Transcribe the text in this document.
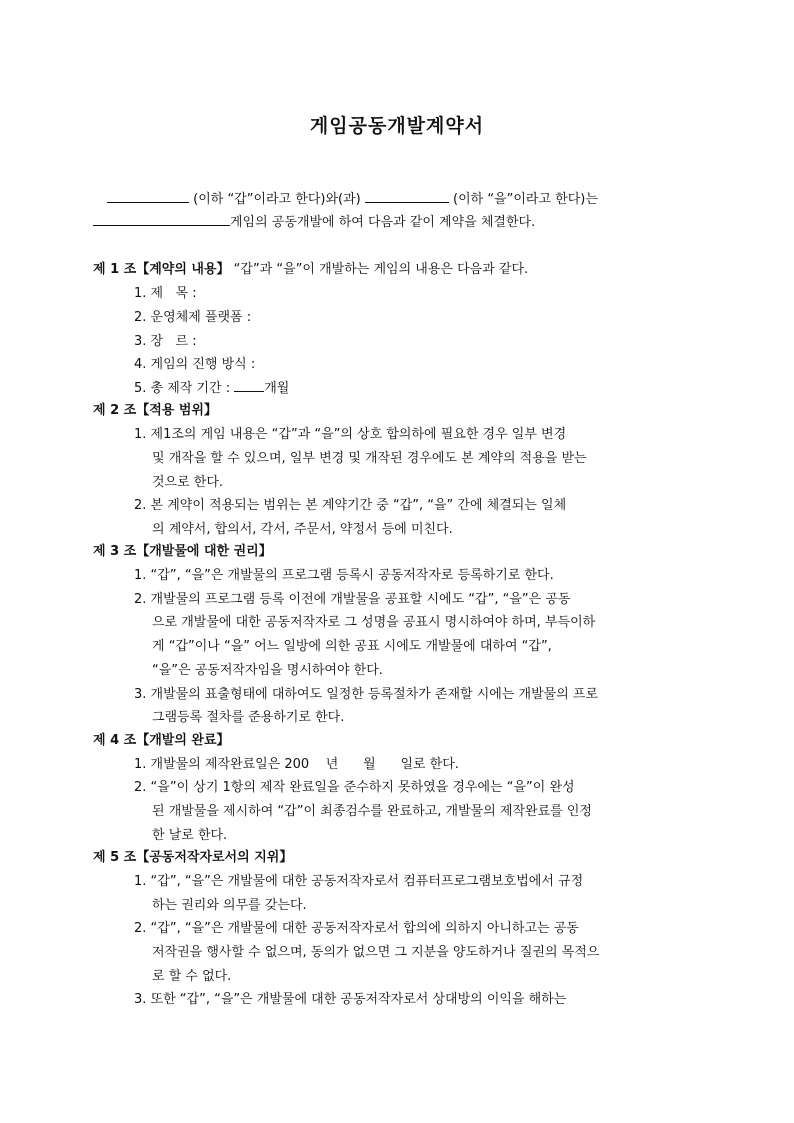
게임공동개발계약서
(이하 “갑”이라고 한다)와(과)	(이하 “을”이라고 한다)는
게임의 공동개발에 하여 다음과 같이 계약을 체결한다.
제 1 조【계약의 내용】 “갑”과 “을”이 개발하는 게임의 내용은 다음과 같다.
1. 제   목 :
2. 운영체제 플랫폼 :
3. 장   르 :
4. 게임의 진행 방식 :
5. 총 제작 기간 : 개월
제 2 조【적용 범위】
1. 제1조의 게임 내용은 “갑”과 “을”의 상호 합의하에 필요한 경우 일부 변경
및 개작을 할 수 있으며, 일부 변경 및 개작된 경우에도 본 계약의 적용을 받는
것으로 한다.
2. 본 계약이 적용되는 범위는 본 계약기간 중 “갑”, “을” 간에 체결되는 일체
의 계약서, 합의서, 각서, 주문서, 약정서 등에 미친다.
제 3 조【개발물에 대한 권리】
1. “갑”, “을”은 개발물의 프로그램 등록시 공동저작자로 등록하기로 한다.
2. 개발물의 프로그램 등록 이전에 개발물을 공표할 시에도 “갑”, “을”은 공동
으로 개발물에 대한 공동저작자로 그 성명을 공표시 명시하여야 하며, 부득이하
게 “갑”이나 “을” 어느 일방에 의한 공표 시에도 개발물에 대하여 “갑”,
“을”은 공동저작자임을 명시하여야 한다.
3. 개발물의 표출형태에 대하여도 일정한 등록절차가 존재할 시에는 개발물의 프로
그램등록 절차를 준용하기로 한다.
제 4 조【개발의 완료】
1. 개발물의 제작완료일은 200    년      월      일로 한다.
2. “을”이 상기 1항의 제작 완료일을 준수하지 못하였을 경우에는 “을”이 완성
된 개발물을 제시하여 “갑”이 최종검수를 완료하고, 개발물의 제작완료를 인정
한 날로 한다.
제 5 조【공동저작자로서의 지위】
1. “갑”, “을”은 개발물에 대한 공동저작자로서 컴퓨터프로그램보호법에서 규정
하는 권리와 의무를 갖는다.
2. “갑”, “을”은 개발물에 대한 공동저작자로서 합의에 의하지 아니하고는 공동
저작권을 행사할 수 없으며, 동의가 없으면 그 지분을 양도하거나 질권의 목적으
로 할 수 없다.
3. 또한 “갑”, “을”은 개발물에 대한 공동저작자로서 상대방의 이익을 해하는
